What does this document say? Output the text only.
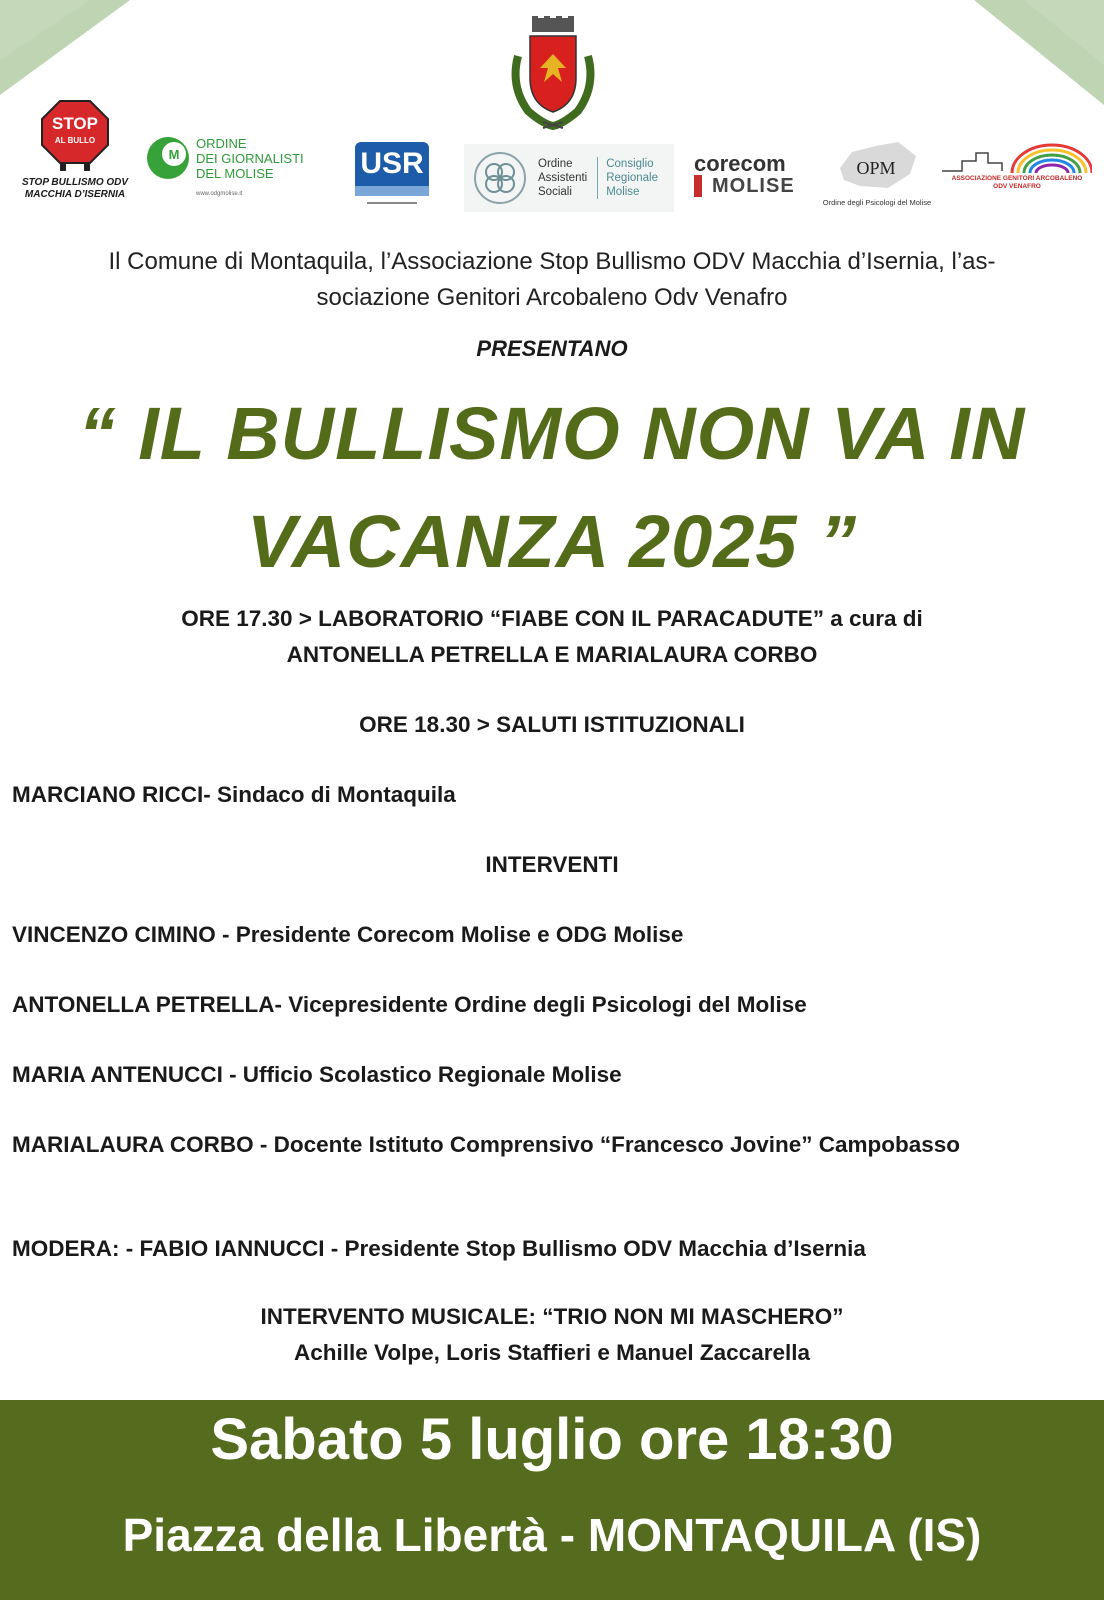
STOP
AL BULLO
STOP BULLISMO ODV
MACCHIA D’ISERNIA
M
ORDINE
DEI GIORNALISTI
DEL MOLISE
www.odgmolise.it
USR	Ordine
Assistenti
Sociali
Consiglio
Regionale
Molise
corecom
MOLISE
OPM
Ordine degli Psicologi del Molise
ASSOCIAZIONE GENITORI ARCOBALENO
ODV VENAFRO
Il Comune di Montaquila, l’Associazione Stop Bullismo ODV Macchia d’Isernia, l’as-
sociazione Genitori Arcobaleno Odv Venafro
PRESENTANO
“ IL BULLISMO NON VA IN
VACANZA 2025 ”
ORE 17.30 > LABORATORIO “FIABE CON IL PARACADUTE” a cura di
ANTONELLA PETRELLA E MARIALAURA CORBO
ORE 18.30 > SALUTI ISTITUZIONALI
MARCIANO RICCI- Sindaco di Montaquila
INTERVENTI
VINCENZO CIMINO - Presidente Corecom Molise e ODG Molise
ANTONELLA PETRELLA- Vicepresidente Ordine degli Psicologi del Molise
MARIA ANTENUCCI - Ufficio Scolastico Regionale Molise
MARIALAURA CORBO - Docente Istituto Comprensivo “Francesco Jovine” Campobasso
MODERA: - FABIO IANNUCCI - Presidente Stop Bullismo ODV Macchia d’Isernia
INTERVENTO MUSICALE: “TRIO NON MI MASCHERO”
Achille Volpe, Loris Staffieri e Manuel Zaccarella
Sabato 5 luglio ore 18:30
Piazza della Libertà - MONTAQUILA (IS)
